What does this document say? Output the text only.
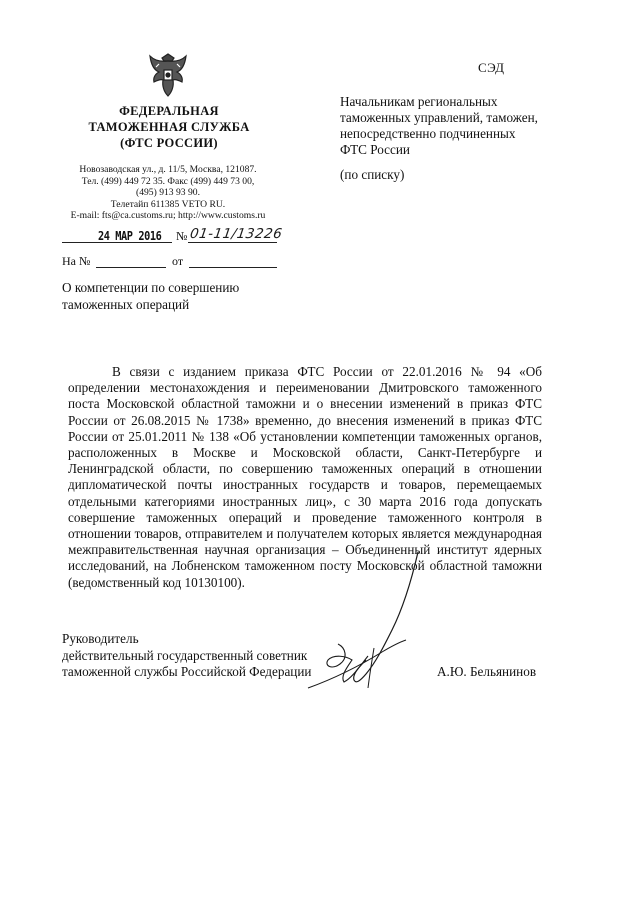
ФЕДЕРАЛЬНАЯ
ТАМОЖЕННАЯ СЛУЖБА
(ФТС РОССИИ)
Новозаводская ул., д. 11/5, Москва, 121087.
Тел. (499) 449 72 35. Факс (499) 449 73 00,
(495) 913 93 90.
Телетайп 611385 VETO RU.
E-mail: fts@ca.customs.ru; http://www.customs.ru
24 МАР 2016 № 01-11/13226
На №	от
О компетенции по совершению
таможенных операций
СЭД
Начальникам региональных таможенных управлений, таможен, непосредственно подчиненных ФТС России
(по списку)

В связи с изданием приказа ФТС России от 22.01.2016 № 94 «Об определении местонахождения и переименовании Дмитровского таможенного поста Московской областной таможни и о внесении изменений в приказ ФТС России от 26.08.2015 № 1738» временно, до внесения изменений в приказ ФТС России от 25.01.2011 № 138 «Об установлении компетенции таможенных органов, расположенных в Москве и Московской области, Санкт-Петербурге и Ленинградской области, по совершению таможенных операций в отношении дипломатической почты иностранных государств и товаров, перемещаемых отдельными категориями иностранных лиц», с 30 марта 2016 года допускать совершение таможенных операций и проведение таможенного контроля в отношении товаров, отправителем и получателем которых является международная межправительственная научная организация – Объединенный институт ядерных исследований, на Лобненском таможенном посту Московской областной таможни (ведомственный код 10130100).

Руководитель
действительный государственный советник
таможенной службы Российской Федерации	А.Ю. Бельянинов
